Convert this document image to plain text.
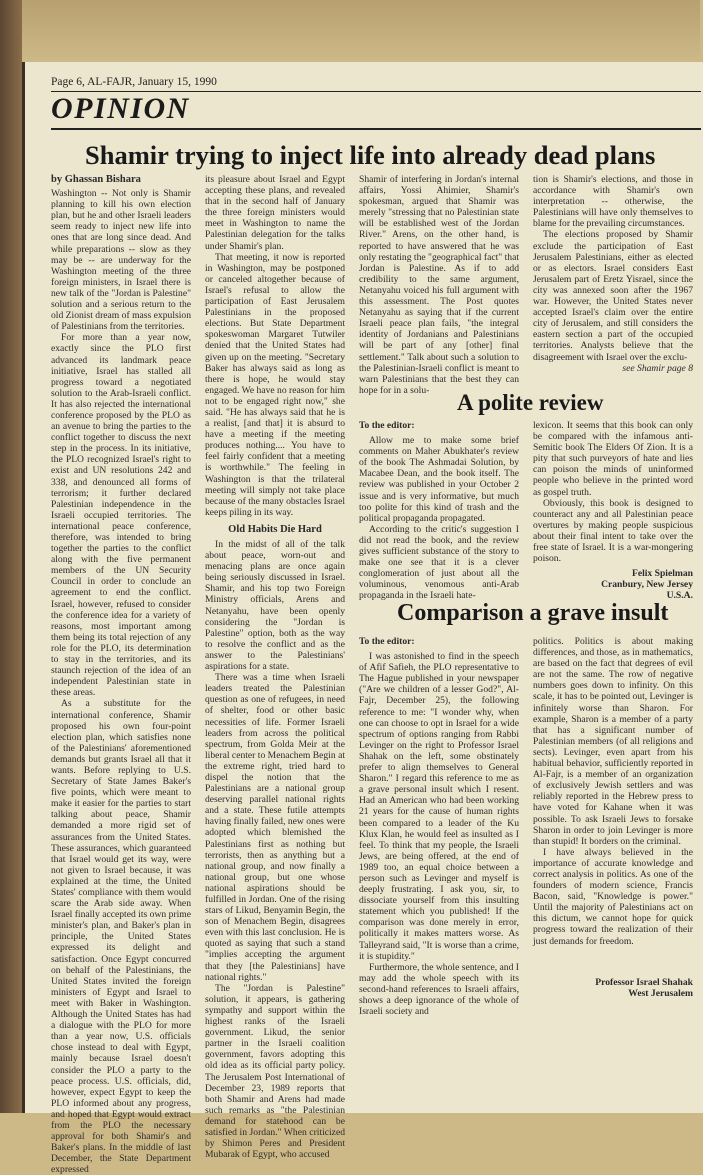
Page 6, AL-FAJR, January 15, 1990
OPINION
Shamir trying to inject life into already dead plans
by Ghassan Bishara

Washington -- Not only is Shamir planning to kill his own election plan, but he and other Israeli leaders seem ready to inject new life into ones that are long since dead. And while preparations -- slow as they may be -- are underway for the Washington meeting of the three foreign ministers, in Israel there is new talk of the "Jordan is Palestine" solution and a serious return to the old Zionist dream of mass expulsion of Palestinians from the territories.

For more than a year now, exactly since the PLO first advanced its landmark peace initiative, Israel has stalled all progress toward a negotiated solution to the Arab-Israeli conflict. It has also rejected the international conference proposed by the PLO as an avenue to bring the parties to the conflict together to discuss the next step in the process. In its initiative, the PLO recognized Israel's right to exist and UN resolutions 242 and 338, and denounced all forms of terrorism; it further declared Palestinian independence in the Israeli occupied territories. The international peace conference, therefore, was intended to bring together the parties to the conflict along with the five permanent members of the UN Security Council in order to conclude an agreement to end the conflict. Israel, however, refused to consider the conference idea for a variety of reasons, most important among them being its total rejection of any role for the PLO, its determination to stay in the territories, and its staunch rejection of the idea of an independent Palestinian state in these areas.

As a substitute for the international conference, Shamir proposed his own four-point election plan, which satisfies none of the Palestinians' aforementioned demands but grants Israel all that it wants. Before replying to U.S. Secretary of State James Baker's five points, which were meant to make it easier for the parties to start talking about peace, Shamir demanded a more rigid set of assurances from the United States. These assurances, which guaranteed that Israel would get its way, were not given to Israel because, it was explained at the time, the United States' compliance with them would scare the Arab side away. When Israel finally accepted its own prime minister's plan, and Baker's plan in principle, the United States expressed its delight and satisfaction. Once Egypt concurred on behalf of the Palestinians, the United States invited the foreign ministers of Egypt and Israel to meet with Baker in Washington. Although the United States has had a dialogue with the PLO for more than a year now, U.S. officials chose instead to deal with Egypt, mainly because Israel doesn't consider the PLO a party to the peace process. U.S. officials, did, however, expect Egypt to keep the PLO informed about any progress, and hoped that Egypt would extract from the PLO the necessary approval for both Shamir's and Baker's plans. In the middle of last December, the State Department expressed

its pleasure about Israel and Egypt accepting these plans, and revealed that in the second half of January the three foreign ministers would meet in Washington to name the Palestinian delegation for the talks under Shamir's plan.

That meeting, it now is reported in Washington, may be postponed or canceled altogether because of Israel's refusal to allow the participation of East Jerusalem Palestinians in the proposed elections. But State Department spokeswoman Margaret Tutwiler denied that the United States had given up on the meeting. "Secretary Baker has always said as long as there is hope, he would stay engaged. We have no reason for him not to be engaged right now," she said. "He has always said that he is a realist, [and that] it is absurd to have a meeting if the meeting produces nothing.... You have to feel fairly confident that a meeting is worthwhile." The feeling in Washington is that the trilateral meeting will simply not take place because of the many obstacles Israel keeps piling in its way.

Old Habits Die Hard

In the midst of all of the talk about peace, worn-out and menacing plans are once again being seriously discussed in Israel. Shamir, and his top two Foreign Ministry officials, Arens and Netanyahu, have been openly considering the "Jordan is Palestine" option, both as the way to resolve the conflict and as the answer to the Palestinians' aspirations for a state.

There was a time when Israeli leaders treated the Palestinian question as one of refugees, in need of shelter, food or other basic necessities of life. Former Israeli leaders from across the political spectrum, from Golda Meir at the liberal center to Menachem Begin at the extreme right, tried hard to dispel the notion that the Palestinians are a national group deserving parallel national rights and a state. These futile attempts having finally failed, new ones were adopted which blemished the Palestinians first as nothing but terrorists, then as anything but a national group, and now finally a national group, but one whose national aspirations should be fulfilled in Jordan. One of the rising stars of Likud, Benyamin Begin, the son of Menachem Begin, disagrees even with this last conclusion. He is quoted as saying that such a stand "implies accepting the argument that they [the Palestinians] have national rights."

The "Jordan is Palestine" solution, it appears, is gathering sympathy and support within the highest ranks of the Israeli government. Likud, the senior partner in the Israeli coalition government, favors adopting this old idea as its official party policy. The Jerusalem Post International of December 23, 1989 reports that both Shamir and Arens had made such remarks as "the Palestinian demand for statehood can be satisfied in Jordan." When criticized by Shimon Peres and President Mubarak of Egypt, who accused

Shamir of interfering in Jordan's internal affairs, Yossi Ahimier, Shamir's spokesman, argued that Shamir was merely "stressing that no Palestinian state will be established west of the Jordan River." Arens, on the other hand, is reported to have answered that he was only restating the "geographical fact" that Jordan is Palestine. As if to add credibility to the same argument, Netanyahu voiced his full argument with this assessment. The Post quotes Netanyahu as saying that if the current Israeli peace plan fails, "the integral identity of Jordanians and Palestinians will be part of any [other] final settlement." Talk about such a solution to the Palestinian-Israeli conflict is meant to warn Palestinians that the best they can hope for in a solu-

tion is Shamir's elections, and those in accordance with Shamir's own interpretation -- otherwise, the Palestinians will have only themselves to blame for the prevailing circumstances.

The elections proposed by Shamir exclude the participation of East Jerusalem Palestinians, either as elected or as electors. Israel considers East Jerusalem part of Eretz Yisrael, since the city was annexed soon after the 1967 war. However, the United States never accepted Israel's claim over the entire city of Jerusalem, and still considers the eastern section a part of the occupied territories. Analysts believe that the disagreement with Israel over the exclu-

see Shamir page 8
A polite review
To the editor:

Allow me to make some brief comments on Maher Abukhater's review of the book The Ashmadai Solution, by Macabee Dean, and the book itself. The review was published in your October 2 issue and is very informative, but much too polite for this kind of trash and the political propaganda propagated.

According to the critic's suggestion I did not read the book, and the review gives sufficient substance of the story to make one see that it is a clever conglomeration of just about all the voluminous, venomous anti-Arab propaganda in the Israeli hate-

lexicon. It seems that this book can only be compared with the infamous anti-Semitic book The Elders Of Zion. It is a pity that such purveyors of hate and lies can poison the minds of uninformed people who believe in the printed word as gospel truth.

Obviously, this book is designed to counteract any and all Palestinian peace overtures by making people suspicious about their final intent to take over the free state of Israel. It is a war-mongering poison.

Felix Spielman
Cranbury, New Jersey
U.S.A.
Comparison a grave insult
To the editor:

I was astonished to find in the speech of Afif Safieh, the PLO representative to The Hague published in your newspaper ("Are we children of a lesser God?", Al-Fajr, December 25), the following reference to me: "I wonder why, when one can choose to opt in Israel for a wide spectrum of options ranging from Rabbi Levinger on the right to Professor Israel Shahak on the left, some obstinately prefer to align themselves to General Sharon." I regard this reference to me as a grave personal insult which I resent. Had an American who had been working 21 years for the cause of human rights been compared to a leader of the Ku Klux Klan, he would feel as insulted as I feel. To think that my people, the Israeli Jews, are being offered, at the end of 1989 too, an equal choice between a person such as Levinger and myself is deeply frustrating. I ask you, sir, to dissociate yourself from this insulting statement which you published! If the comparison was done merely in error, politically it makes matters worse. As Talleyrand said, "It is worse than a crime, it is stupidity."

Furthermore, the whole sentence, and I may add the whole speech with its second-hand references to Israeli affairs, shows a deep ignorance of the whole of Israeli society and

politics. Politics is about making differences, and those, as in mathematics, are based on the fact that degrees of evil are not the same. The row of negative numbers goes down to infinity. On this scale, it has to be pointed out, Levinger is infinitely worse than Sharon. For example, Sharon is a member of a party that has a significant number of Palestinian members (of all religions and sects). Levinger, even apart from his habitual behavior, sufficiently reported in Al-Fajr, is a member of an organization of exclusively Jewish settlers and was reliably reported in the Hebrew press to have voted for Kahane when it was possible. To ask Israeli Jews to forsake Sharon in order to join Levinger is more than stupid! It borders on the criminal.

I have always believed in the importance of accurate knowledge and correct analysis in politics. As one of the founders of modern science, Francis Bacon, said, "Knowledge is power." Until the majority of Palestinians act on this dictum, we cannot hope for quick progress toward the realization of their just demands for freedom.

Professor Israel Shahak
West Jerusalem
